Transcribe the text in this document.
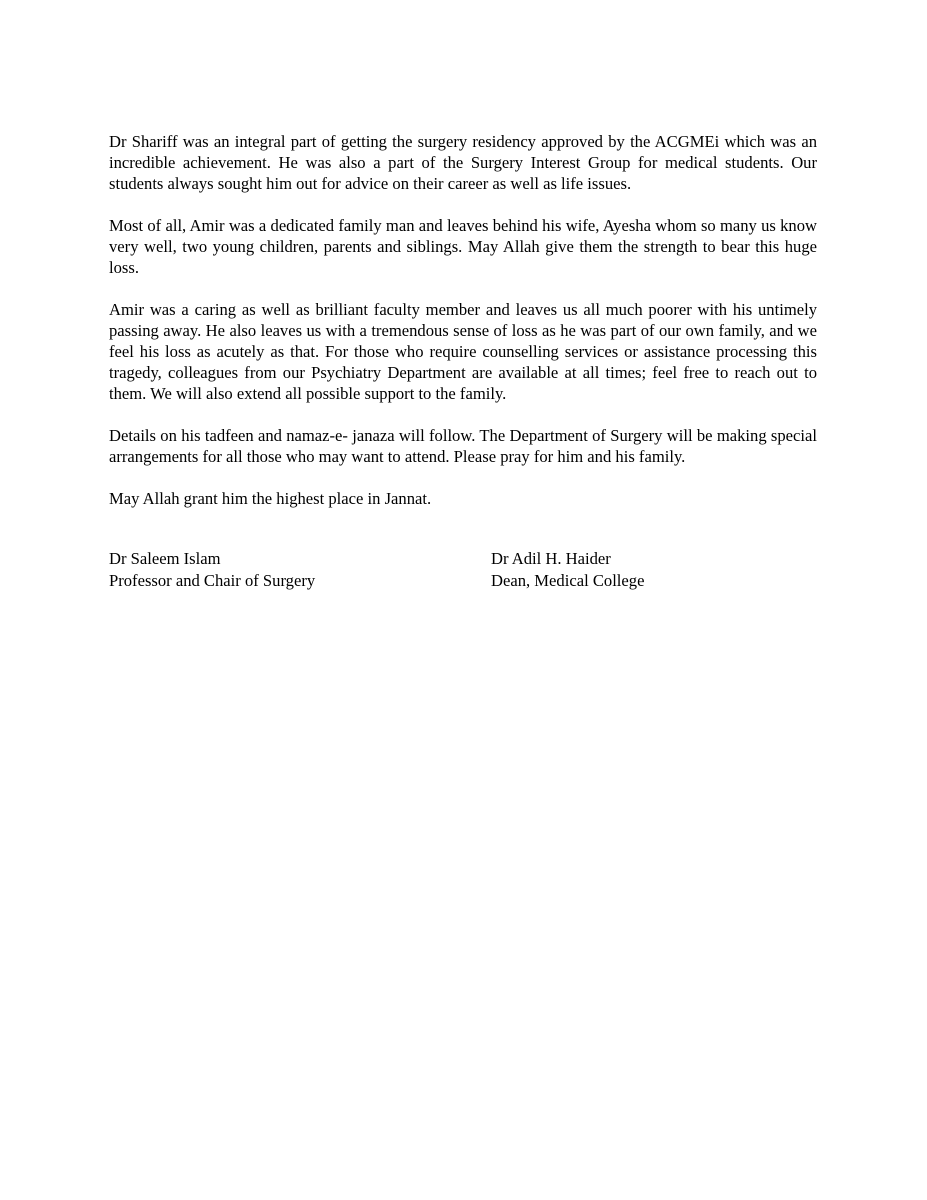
Dr Shariff was an integral part of getting the surgery residency approved by the ACGMEi which was an incredible achievement. He was also a part of the Surgery Interest Group for medical students. Our students always sought him out for advice on their career as well as life issues.

Most of all, Amir was a dedicated family man and leaves behind his wife, Ayesha whom so many us know very well, two young children, parents and siblings. May Allah give them the strength to bear this huge loss.

Amir was a caring as well as brilliant faculty member and leaves us all much poorer with his untimely passing away. He also leaves us with a tremendous sense of loss as he was part of our own family, and we feel his loss as acutely as that. For those who require counselling services or assistance processing this tragedy, colleagues from our Psychiatry Department are available at all times; feel free to reach out to them. We will also extend all possible support to the family.

Details on his tadfeen and namaz-e- janaza will follow. The Department of Surgery will be making special arrangements for all those who may want to attend. Please pray for him and his family.

May Allah grant him the highest place in Jannat.

Dr Saleem Islam
Professor and Chair of Surgery
Dr Adil H. Haider
Dean, Medical College
